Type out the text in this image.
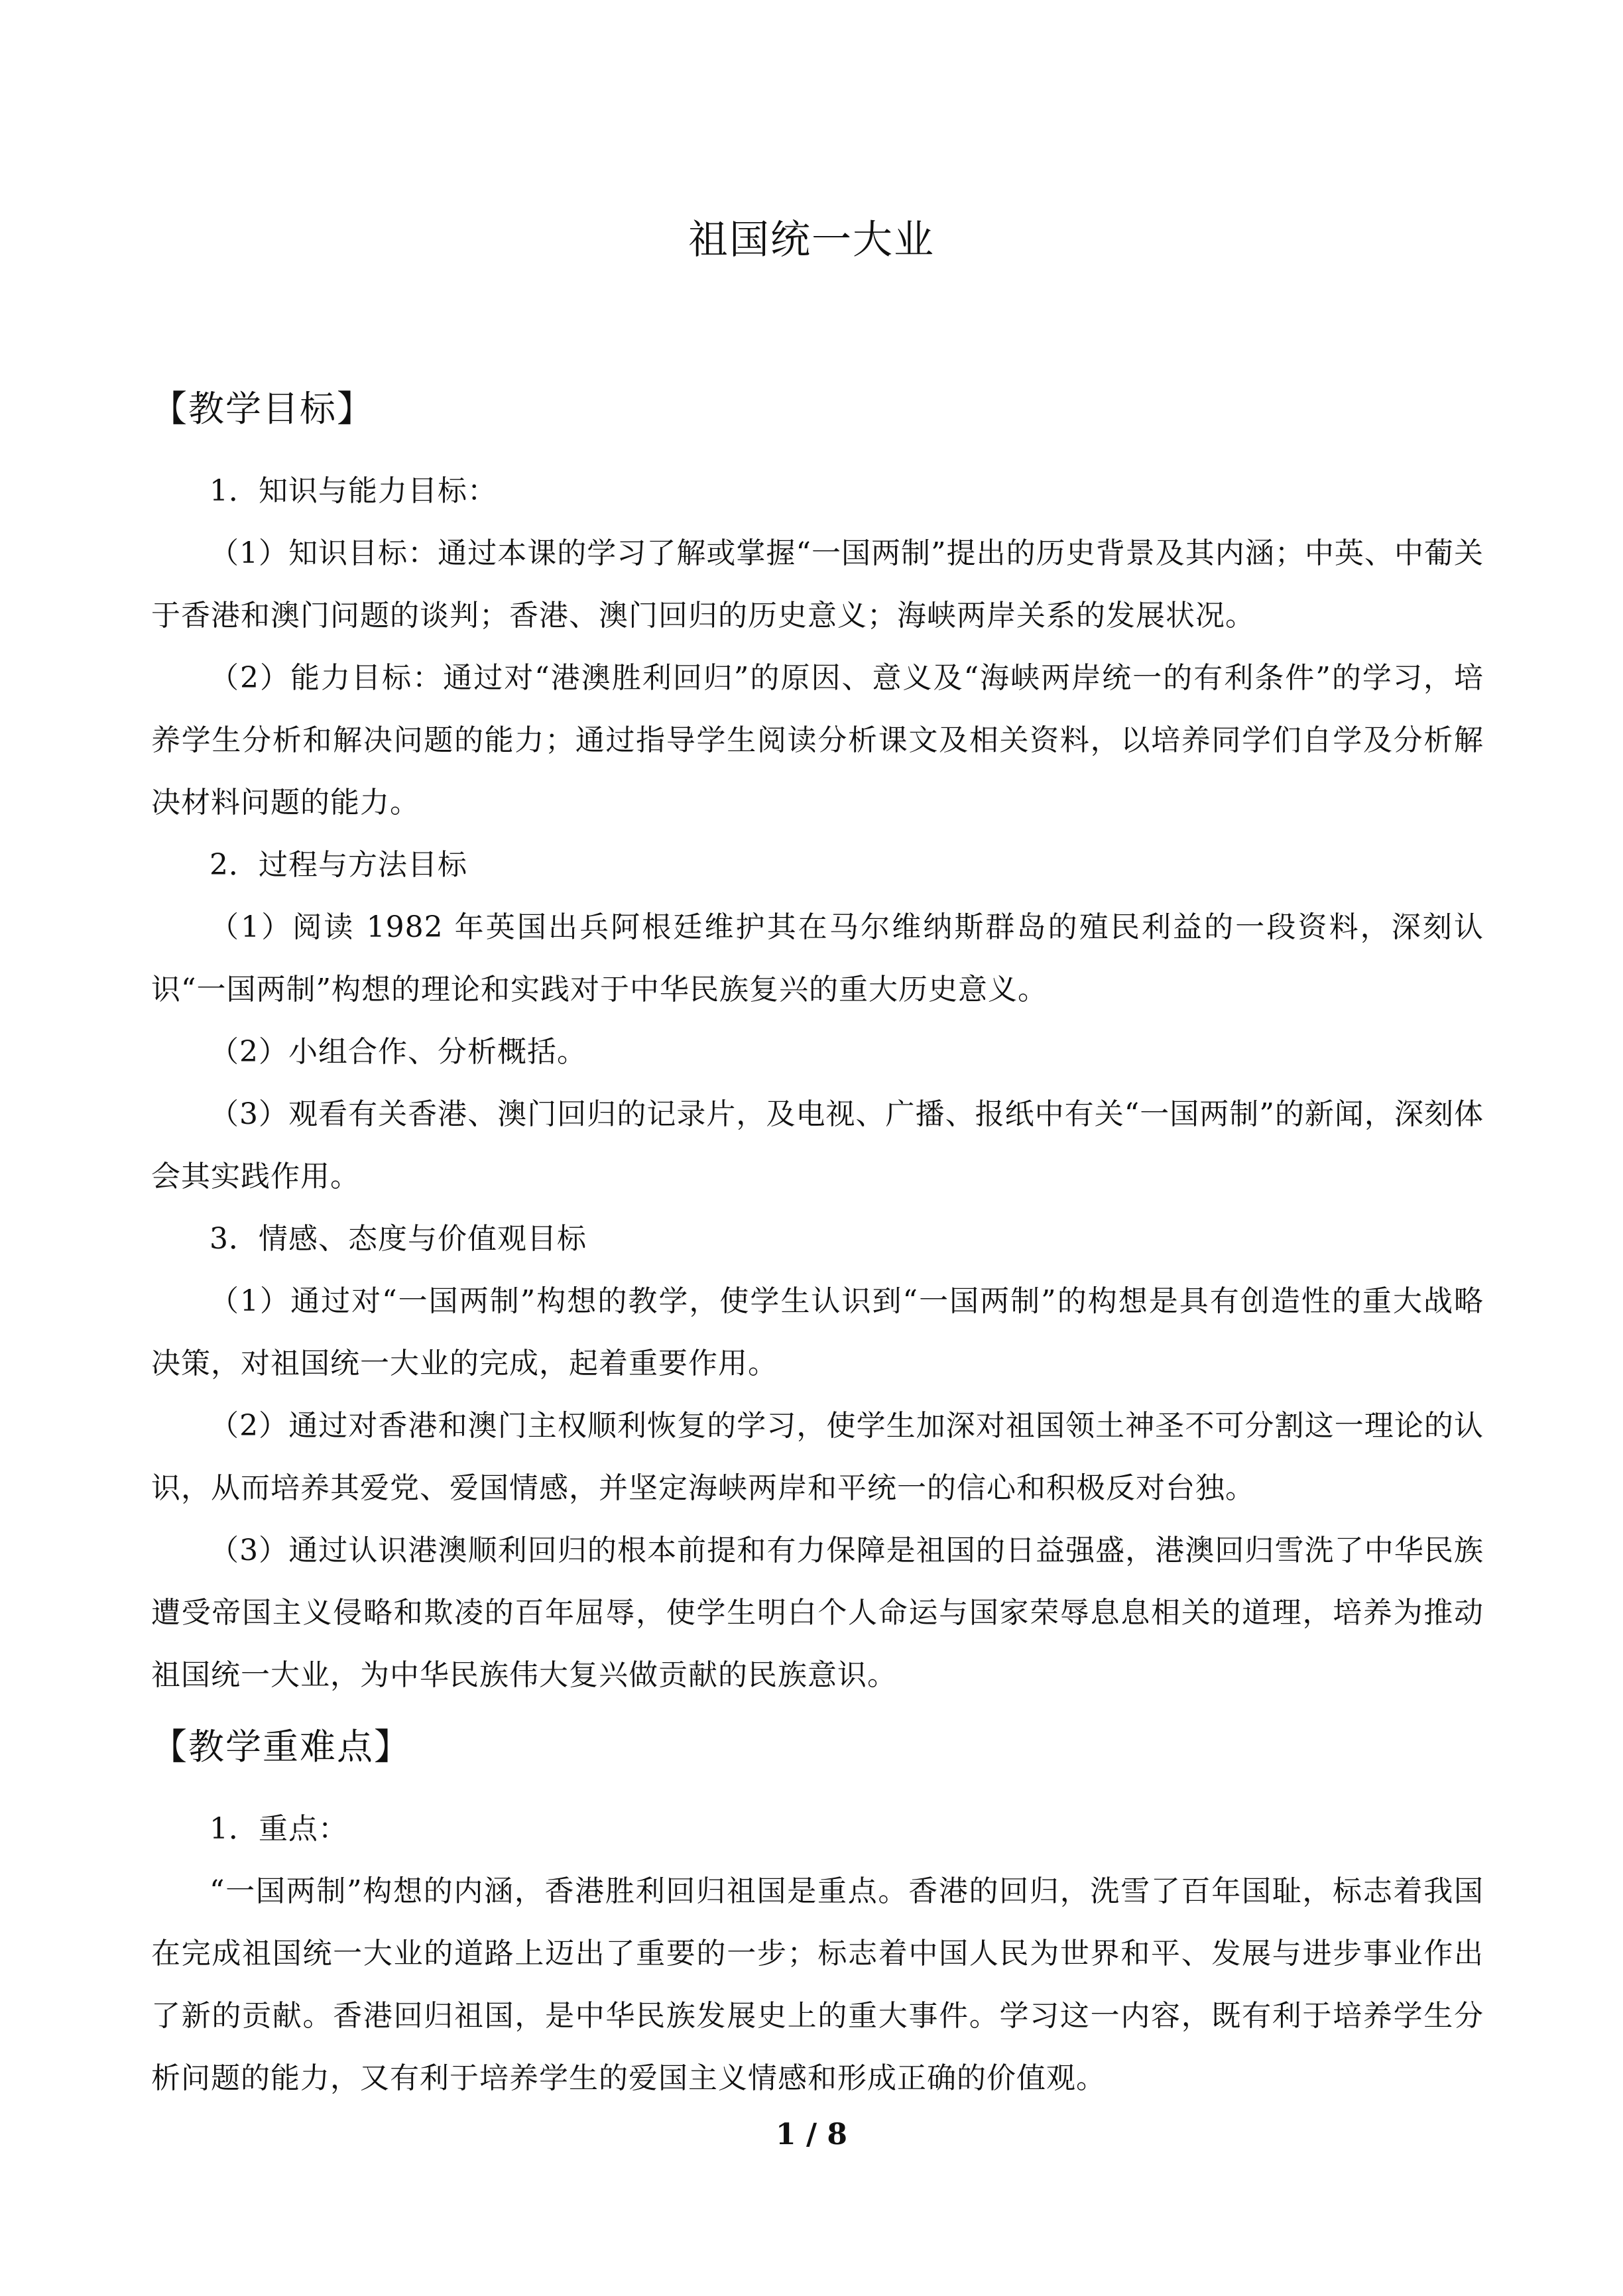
祖国统一大业
【教学目标】

1．知识与能力目标：

（1）知识目标：通过本课的学习了解或掌握“一国两制”提出的历史背景及其内涵；中英、中葡关于香港和澳门问题的谈判；香港、澳门回归的历史意义；海峡两岸关系的发展状况。

（2）能力目标：通过对“港澳胜利回归”的原因、意义及“海峡两岸统一的有利条件”的学习，培养学生分析和解决问题的能力；通过指导学生阅读分析课文及相关资料，以培养同学们自学及分析解决材料问题的能力。

2．过程与方法目标

（1）阅读 1982 年英国出兵阿根廷维护其在马尔维纳斯群岛的殖民利益的一段资料，深刻认识“一国两制”构想的理论和实践对于中华民族复兴的重大历史意义。

（2）小组合作、分析概括。

（3）观看有关香港、澳门回归的记录片，及电视、广播、报纸中有关“一国两制”的新闻，深刻体会其实践作用。

3．情感、态度与价值观目标

（1）通过对“一国两制”构想的教学，使学生认识到“一国两制”的构想是具有创造性的重大战略决策，对祖国统一大业的完成，起着重要作用。

（2）通过对香港和澳门主权顺利恢复的学习，使学生加深对祖国领土神圣不可分割这一理论的认识，从而培养其爱党、爱国情感，并坚定海峡两岸和平统一的信心和积极反对台独。

（3）通过认识港澳顺利回归的根本前提和有力保障是祖国的日益强盛，港澳回归雪洗了中华民族遭受帝国主义侵略和欺凌的百年屈辱，使学生明白个人命运与国家荣辱息息相关的道理，培养为推动祖国统一大业，为中华民族伟大复兴做贡献的民族意识。

【教学重难点】

1．重点：

“一国两制”构想的内涵，香港胜利回归祖国是重点。香港的回归，洗雪了百年国耻，标志着我国在完成祖国统一大业的道路上迈出了重要的一步；标志着中国人民为世界和平、发展与进步事业作出了新的贡献。香港回归祖国，是中华民族发展史上的重大事件。学习这一内容，既有利于培养学生分析问题的能力，又有利于培养学生的爱国主义情感和形成正确的价值观。

1 / 8
